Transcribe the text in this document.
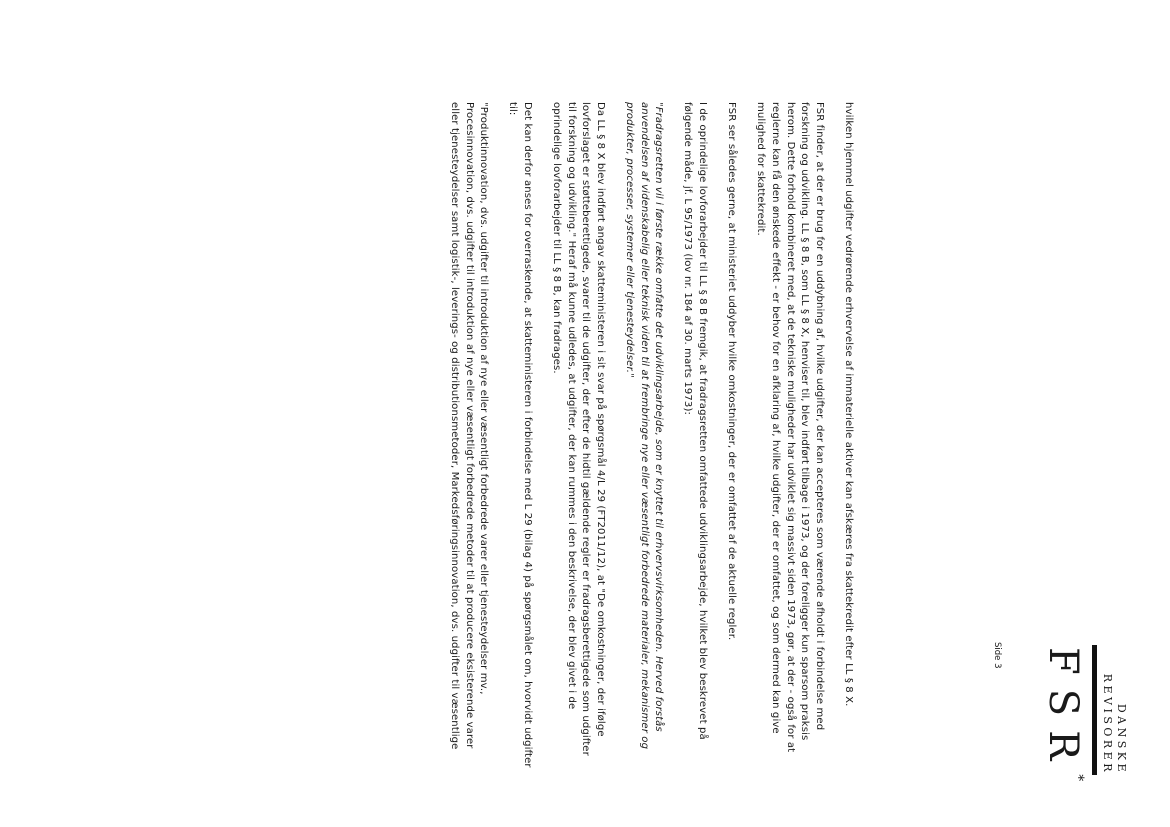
DANSKE
REVISORER
FSR*
Side 3

hvilken hjemmel udgifter vedrørende erhvervelse af immaterielle aktiver kan afskæres fra skattekredit efter LL § 8 X.

FSR finder, at der er brug for en uddybning af, hvilke udgifter, der kan accepteres som værende afholdt i forbindelse med forskning og udvikling. LL § 8 B, som LL § 8 X, henviser til, blev indført tilbage i 1973, og der foreligger kun sparsom praksis herom. Dette forhold kombineret med, at de tekniske muligheder har udviklet sig massivt siden 1973, gør, at der - også for at reglerne kan få den ønskede effekt - er behov for en afklaring af, hvilke udgifter, der er omfattet, og som dermed kan give mulighed for skattekredit.

FSR ser således gerne, at ministeriet uddyber hvilke omkostninger, der er omfattet af de aktuelle regler.

I de oprindelige lovforarbejder til LL § 8 B fremgik, at fradragsretten omfattede udviklingsarbejde, hvilket blev beskrevet på følgende måde, jf. L 95/1973 (lov nr. 184 af 30. marts 1973):

"Fradragsretten vil i første række omfatte det udviklingsarbejde, som er knyttet til erhvervsvirksomheden. Herved forstås anvendelsen af videnskabelig eller teknisk viden til at frembringe nye eller væsentligt forbedrede materialer, mekanismer og produkter, processer, systemer eller tjenesteydelser."

Da LL § 8 X blev indført angav skatteministeren i sit svar på spørgsmål 4/L 29 (FT2011/12), at "De omkostninger, der ifølge lovforslaget er støtteberettigede, svarer til de udgifter, der efter de hidtil gældende regler er fradragsberettigede som udgifter til forskning og udvikling." Heraf må kunne udledes, at udgifter, der kan rummes i den beskrivelse, der blev givet i de oprindelige lovforarbejder til LL § 8 B, kan fradrages.

Det kan derfor anses for overraskende, at skatteministeren i forbindelse med L 29 (bilag 4) på spørgsmålet om, hvorvidt udgifter til:

"Produktinnovation, dvs. udgifter til introduktion af nye eller væsentligt forbedrede varer eller tjenesteydelser mv., Procesinnovation, dvs. udgifter til introduktion af nye eller væsentligt forbedrede metoder til at producere eksisterende varer eller tjenesteydelser samt logistik-, leverings- og distributionsmetoder, Markedsføringsinnovation, dvs. udgifter til væsentlige
